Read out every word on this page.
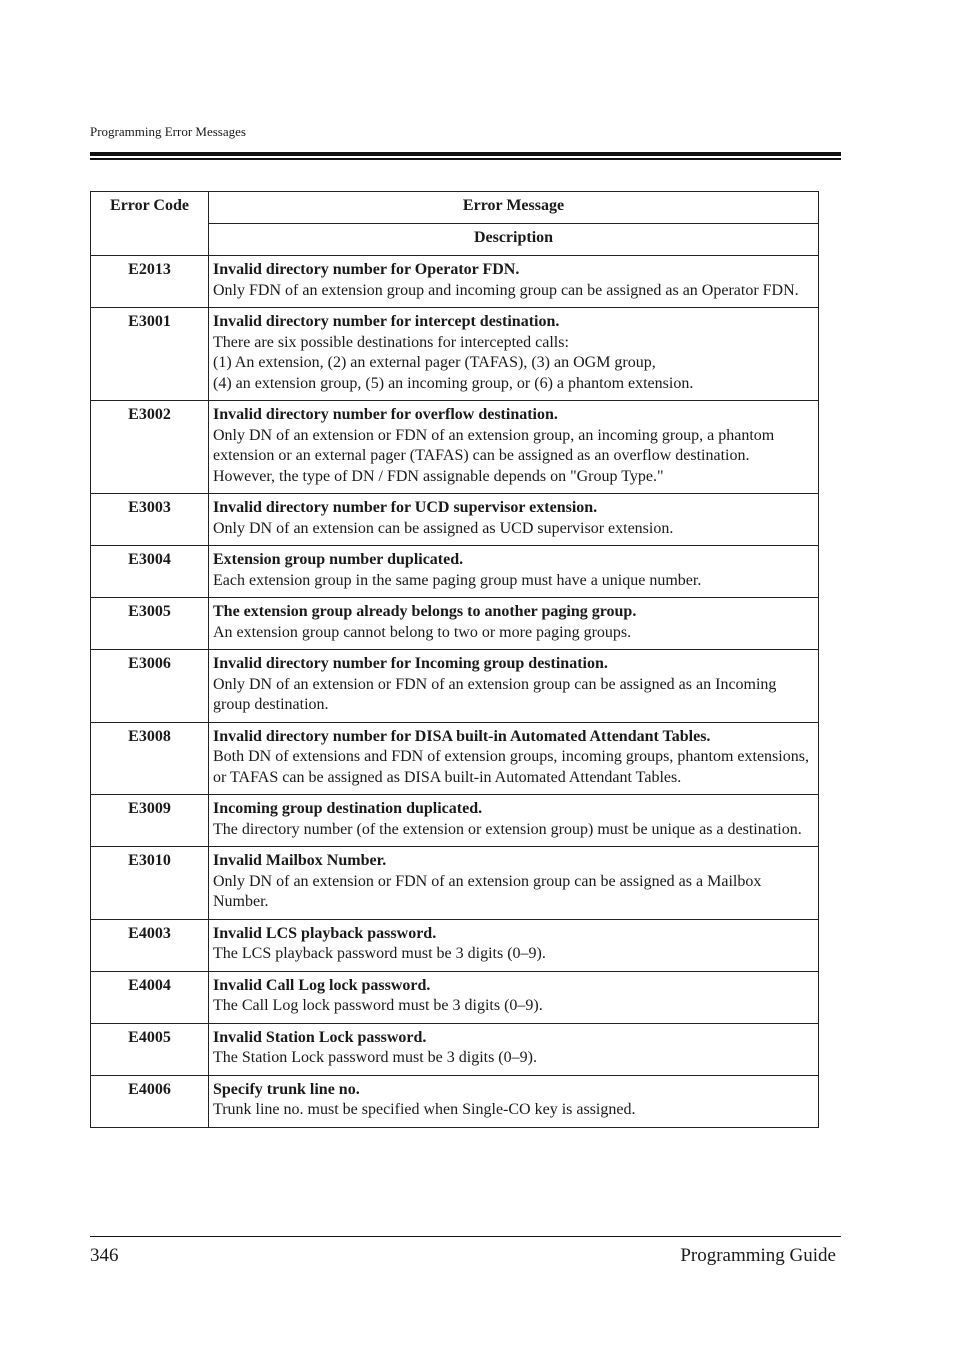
Programming Error Messages
Error Code	Error Message
	Description
E2013	Invalid directory number for Operator FDN.
Only FDN of an extension group and incoming group can be assigned as an Operator FDN.

E3001	Invalid directory number for intercept destination.
There are six possible destinations for intercepted calls:
(1) An extension, (2) an external pager (TAFAS), (3) an OGM group,
(4) an extension group, (5) an incoming group, or (6) a phantom extension.

E3002	Invalid directory number for overflow destination.
Only DN of an extension or FDN of an extension group, an incoming group, a phantom extension or an external pager (TAFAS) can be assigned as an overflow destination. However, the type of DN / FDN assignable depends on "Group Type."

E3003	Invalid directory number for UCD supervisor extension.
Only DN of an extension can be assigned as UCD supervisor extension.

E3004	Extension group number duplicated.
Each extension group in the same paging group must have a unique number.

E3005	The extension group already belongs to another paging group.
An extension group cannot belong to two or more paging groups.

E3006	Invalid directory number for Incoming group destination.
Only DN of an extension or FDN of an extension group can be assigned as an Incoming group destination.

E3008	Invalid directory number for DISA built-in Automated Attendant Tables.
Both DN of extensions and FDN of extension groups, incoming groups, phantom extensions, or TAFAS can be assigned as DISA built-in Automated Attendant Tables.

E3009	Incoming group destination duplicated.
The directory number (of the extension or extension group) must be unique as a destination.

E3010	Invalid Mailbox Number.
Only DN of an extension or FDN of an extension group can be assigned as a Mailbox Number.

E4003	Invalid LCS playback password.
The LCS playback password must be 3 digits (0–9).

E4004	Invalid Call Log lock password.
The Call Log lock password must be 3 digits (0–9).

E4005	Invalid Station Lock password.
The Station Lock password must be 3 digits (0–9).

E4006	Specify trunk line no.
Trunk line no. must be specified when Single-CO key is assigned.
346	Programming Guide
